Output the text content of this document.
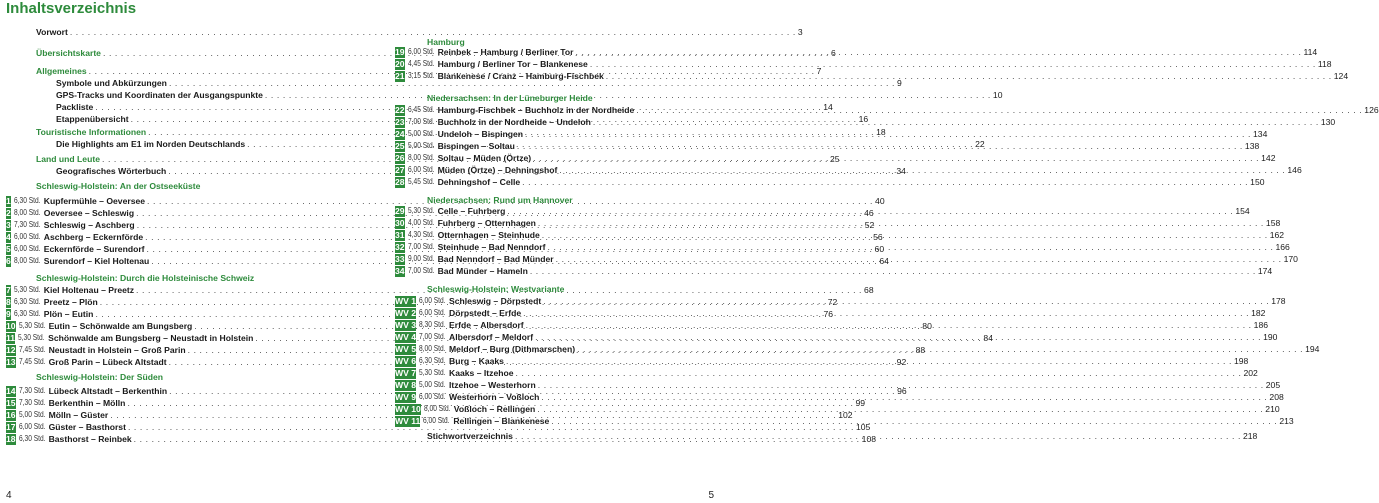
Inhaltsverzeichnis
Vorwort . . .	3
Übersichtskarte . . .	6
Allgemeines . . .	7
Symbole und Abkürzungen . . .	9
GPS-Tracks und Koordinaten der Ausgangspunkte . . .	10
Packliste . . .	14
Etappenübersicht . . .	16
Touristische Informationen . . .	18
Die Highlights am E1 im Norden Deutschlands . . .	22
Land und Leute . . .	25
Geografisches Wörterbuch . . .	34
Schleswig-Holstein: An der Ostseeküste
Schleswig-Holstein: Durch die Holsteinische Schweiz
Schleswig-Holstein: Der Süden
1 6,30 Std. Kupfermühle – Oeversee . . .	40
2 8,00 Std. Oeversee – Schleswig . . .	46
3 7,30 Std. Schleswig – Aschberg . . .	52
4 6,00 Std. Aschberg – Eckernförde . . .	56
5 6,00 Std. Eckernförde – Surendorf . . .	60
6 8,00 Std. Surendorf – Kiel Holtenau . . .	64
7 5,30 Std. Kiel Holtenau – Preetz . . .	68
8 6,30 Std. Preetz – Plön . . .	72
9 6,30 Std. Plön – Eutin . . .	76
10 5,30 Std. Eutin – Schönwalde am Bungsberg . . .	80
11 5,30 Std. Schönwalde am Bungsberg – Neustadt in Holstein . . .	84
12 7,45 Std. Neustadt in Holstein – Groß Parin . . .	88
13 7,45 Std. Groß Parin – Lübeck Altstadt . . .	92
14 7,30 Std. Lübeck Altstadt – Berkenthin . . .	96
15 7,30 Std. Berkenthin – Mölln . . .	99
16 5,00 Std. Mölln – Güster . . .	102
17 6,00 Std. Güster – Basthorst . . .	105
18 6,30 Std. Basthorst – Reinbek . . .	108
Hamburg
19 6,00 Std. Reinbek – Hamburg / Berliner Tor . . .	114
20 4,45 Std. Hamburg / Berliner Tor – Blankenese . . .	118
21 3,15 Std. Blankenese / Cranz – Hamburg-Fischbek . . .	124
Niedersachsen: In der Lüneburger Heide
22 6,45 Std. Hamburg-Fischbek – Buchholz in der Nordheide . . .	126
23 7,00 Std. Buchholz in der Nordheide – Undeloh . . .	130
24 5,00 Std. Undeloh – Bispingen . . .	134
25 5,00 Std. Bispingen – Soltau . . .	138
26 8,00 Std. Soltau – Müden (Örtze) . . .	142
27 6,00 Std. Müden (Örtze) – Dehningshof . . .	146
28 5,45 Std. Dehningshof – Celle . . .	150
Niedersachsen: Rund um Hannover
29 5,30 Std. Celle – Fuhrberg . . .	154
30 4,00 Std. Fuhrberg – Otternhagen . . .	158
31 4,30 Std. Otternhagen – Steinhude . . .	162
32 7,00 Std. Steinhude – Bad Nenndorf . . .	166
33 9,00 Std. Bad Nenndorf – Bad Münder . . .	170
34 7,00 Std. Bad Münder – Hameln . . .	174
Schleswig-Holstein: Westvariante
WV 1 6,00 Std. Schleswig – Dörpstedt . . .	178
WV 2 6,00 Std. Dörpstedt – Erfde . . .	182
WV 3 8,30 Std. Erfde – Albersdorf . . .	186
WV 4 7,00 Std. Albersdorf – Meldorf . . .	190
WV 5 8,00 Std. Meldorf – Burg (Dithmarschen) . . .	194
WV 6 6,30 Std. Burg – Kaaks . . .	198
WV 7 5,30 Std. Kaaks – Itzehoe . . .	202
WV 8 5,00 Std. Itzehoe – Westerhorn . . .	205
WV 9 6,00 Std. Westerhorn – Voßloch . . .	208
WV 10 8,00 Std. Voßloch – Rellingen . . .	210
WV 11 6,00 Std. Rellingen – Blankenese . . .	213
Stichwortverzeichnis . . .	218
4	5
